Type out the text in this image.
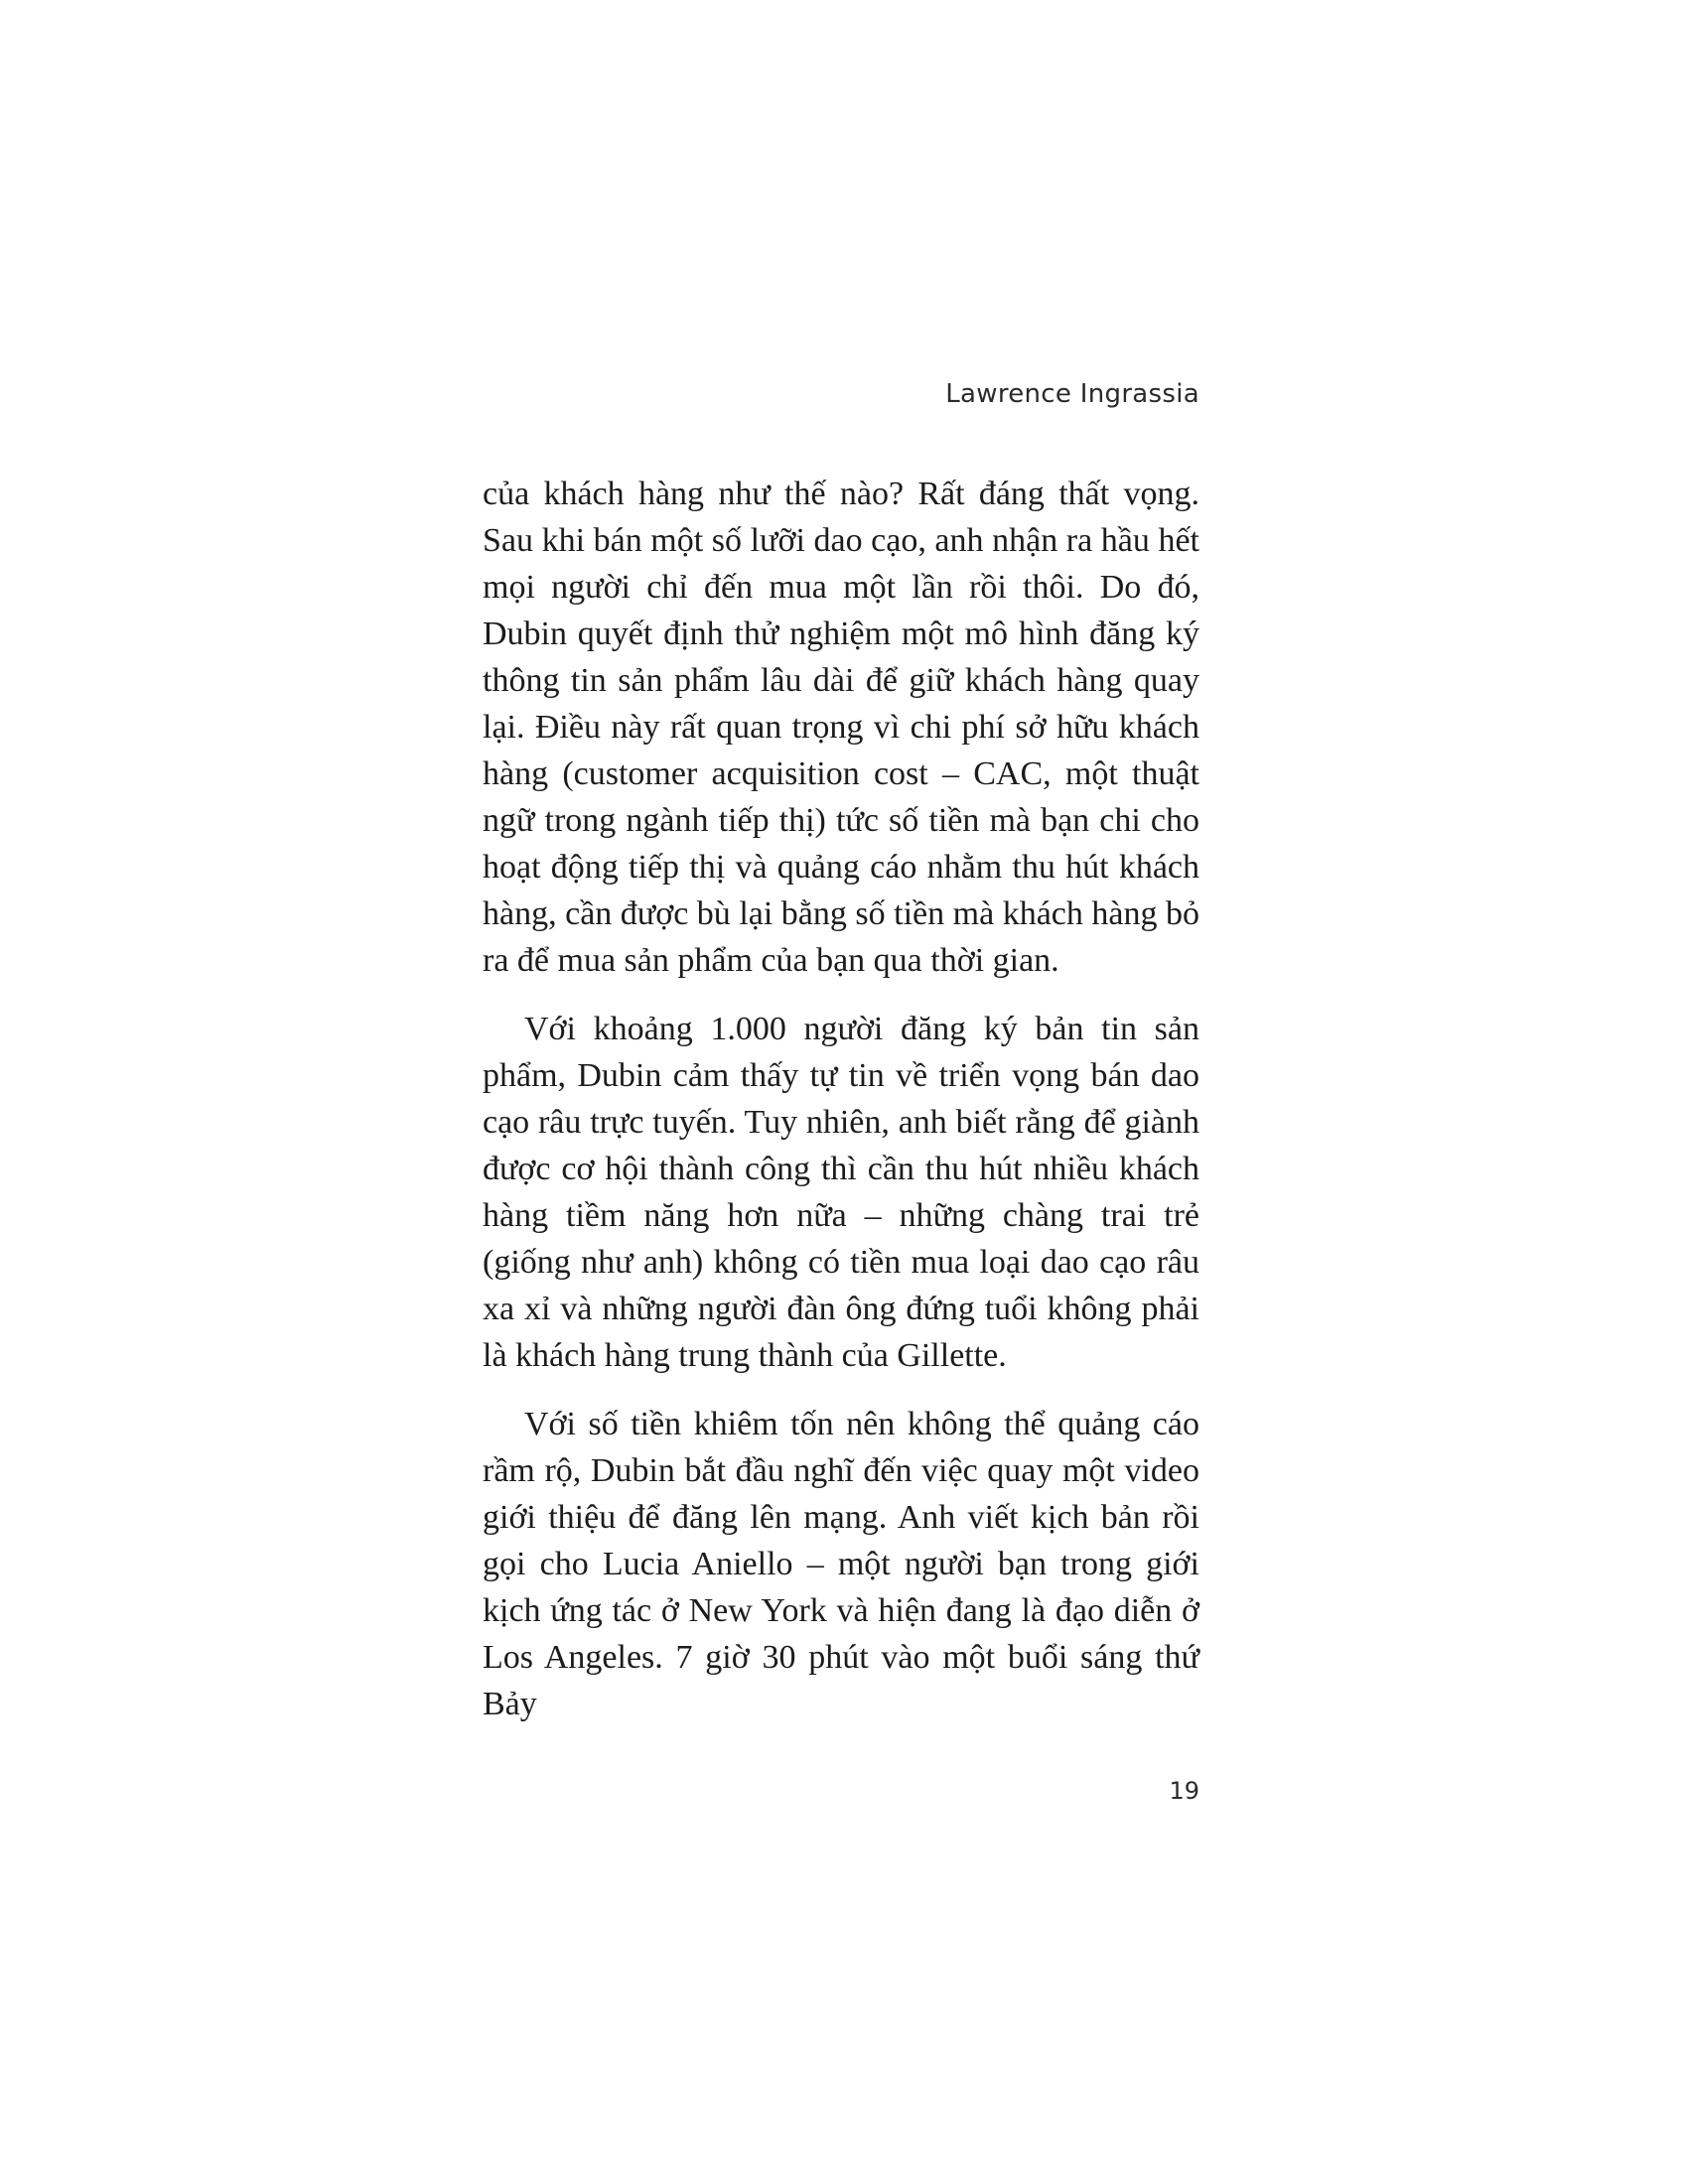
Lawrence Ingrassia

của khách hàng như thế nào? Rất đáng thất vọng. Sau khi bán một số lưỡi dao cạo, anh nhận ra hầu hết mọi người chỉ đến mua một lần rồi thôi. Do đó, Dubin quyết định thử nghiệm một mô hình đăng ký thông tin sản phẩm lâu dài để giữ khách hàng quay lại. Điều này rất quan trọng vì chi phí sở hữu khách hàng (customer acquisition cost – CAC, một thuật ngữ trong ngành tiếp thị) tức số tiền mà bạn chi cho hoạt động tiếp thị và quảng cáo nhằm thu hút khách hàng, cần được bù lại bằng số tiền mà khách hàng bỏ ra để mua sản phẩm của bạn qua thời gian.

Với khoảng 1.000 người đăng ký bản tin sản phẩm, Dubin cảm thấy tự tin về triển vọng bán dao cạo râu trực tuyến. Tuy nhiên, anh biết rằng để giành được cơ hội thành công thì cần thu hút nhiều khách hàng tiềm năng hơn nữa – những chàng trai trẻ (giống như anh) không có tiền mua loại dao cạo râu xa xỉ và những người đàn ông đứng tuổi không phải là khách hàng trung thành của Gillette.

Với số tiền khiêm tốn nên không thể quảng cáo rầm rộ, Dubin bắt đầu nghĩ đến việc quay một video giới thiệu để đăng lên mạng. Anh viết kịch bản rồi gọi cho Lucia Aniello – một người bạn trong giới kịch ứng tác ở New York và hiện đang là đạo diễn ở Los Angeles. 7 giờ 30 phút vào một buổi sáng thứ Bảy

19
